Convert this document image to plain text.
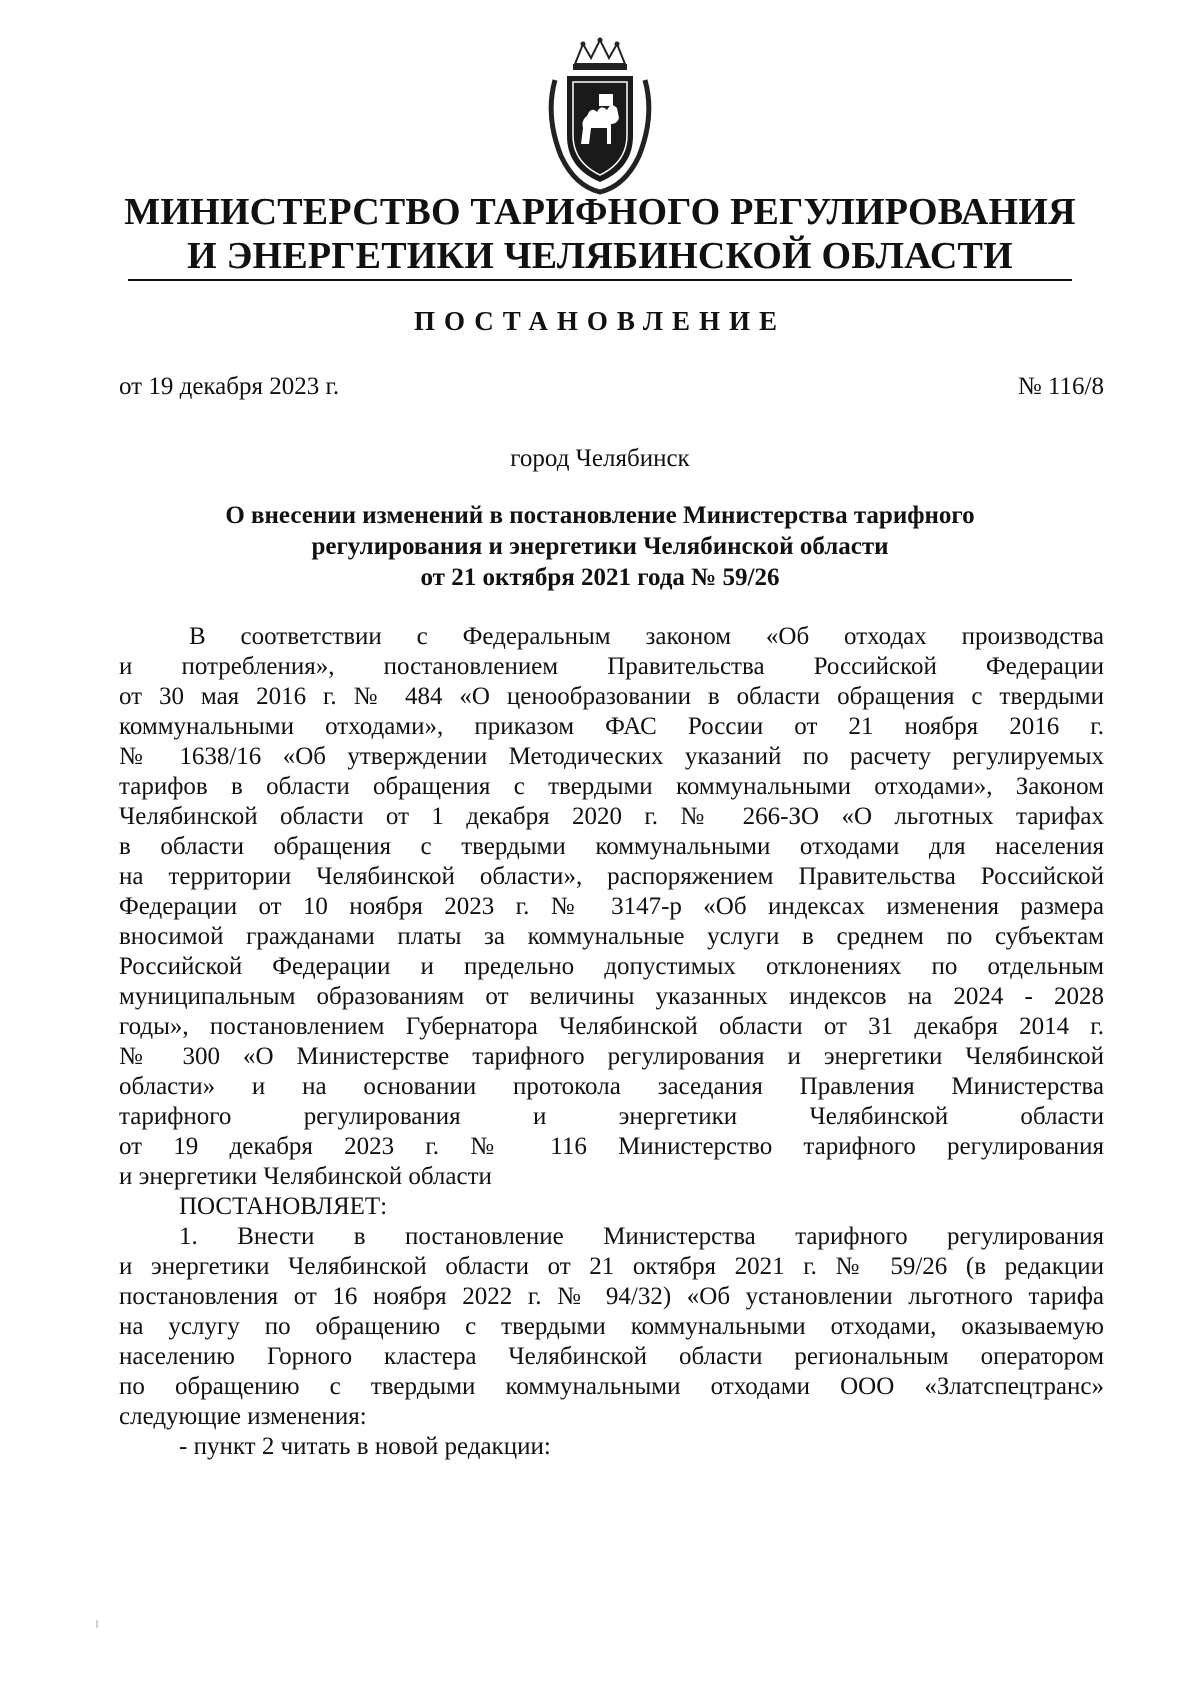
МИНИСТЕРСТВО ТАРИФНОГО РЕГУЛИРОВАНИЯ
И ЭНЕРГЕТИКИ ЧЕЛЯБИНСКОЙ ОБЛАСТИ
ПОСТАНОВЛЕНИЕ
от 19 декабря 2023 г.	№ 116/8
город Челябинск
О внесении изменений в постановление Министерства тарифного
регулирования и энергетики Челябинской области
от 21 октября 2021 года № 59/26
В соответствии с Федеральным законом «Об отходах производства
и потребления», постановлением Правительства Российской Федерации
от 30 мая 2016 г. № 484 «О ценообразовании в области обращения с твердыми
коммунальными отходами», приказом ФАС России от 21 ноября 2016 г.
№ 1638/16 «Об утверждении Методических указаний по расчету регулируемых
тарифов в области обращения с твердыми коммунальными отходами», Законом
Челябинской области от 1 декабря 2020 г. № 266-ЗО «О льготных тарифах
в области обращения с твердыми коммунальными отходами для населения
на территории Челябинской области», распоряжением Правительства Российской
Федерации от 10 ноября 2023 г. № 3147-р «Об индексах изменения размера
вносимой гражданами платы за коммунальные услуги в среднем по субъектам
Российской Федерации и предельно допустимых отклонениях по отдельным
муниципальным образованиям от величины указанных индексов на 2024 - 2028
годы», постановлением Губернатора Челябинской области от 31 декабря 2014 г.
№ 300 «О Министерстве тарифного регулирования и энергетики Челябинской
области» и на основании протокола заседания Правления Министерства
тарифного регулирования и энергетики Челябинской области
от 19 декабря 2023 г. № 116 Министерство тарифного регулирования
и энергетики Челябинской области
ПОСТАНОВЛЯЕТ:
1. Внести в постановление Министерства тарифного регулирования
и энергетики Челябинской области от 21 октября 2021 г. № 59/26 (в редакции
постановления от 16 ноября 2022 г. № 94/32) «Об установлении льготного тарифа
на услугу по обращению с твердыми коммунальными отходами, оказываемую
населению Горного кластера Челябинской области региональным оператором
по обращению с твердыми коммунальными отходами ООО «Златспецтранс»
следующие изменения:
- пункт 2 читать в новой редакции:
